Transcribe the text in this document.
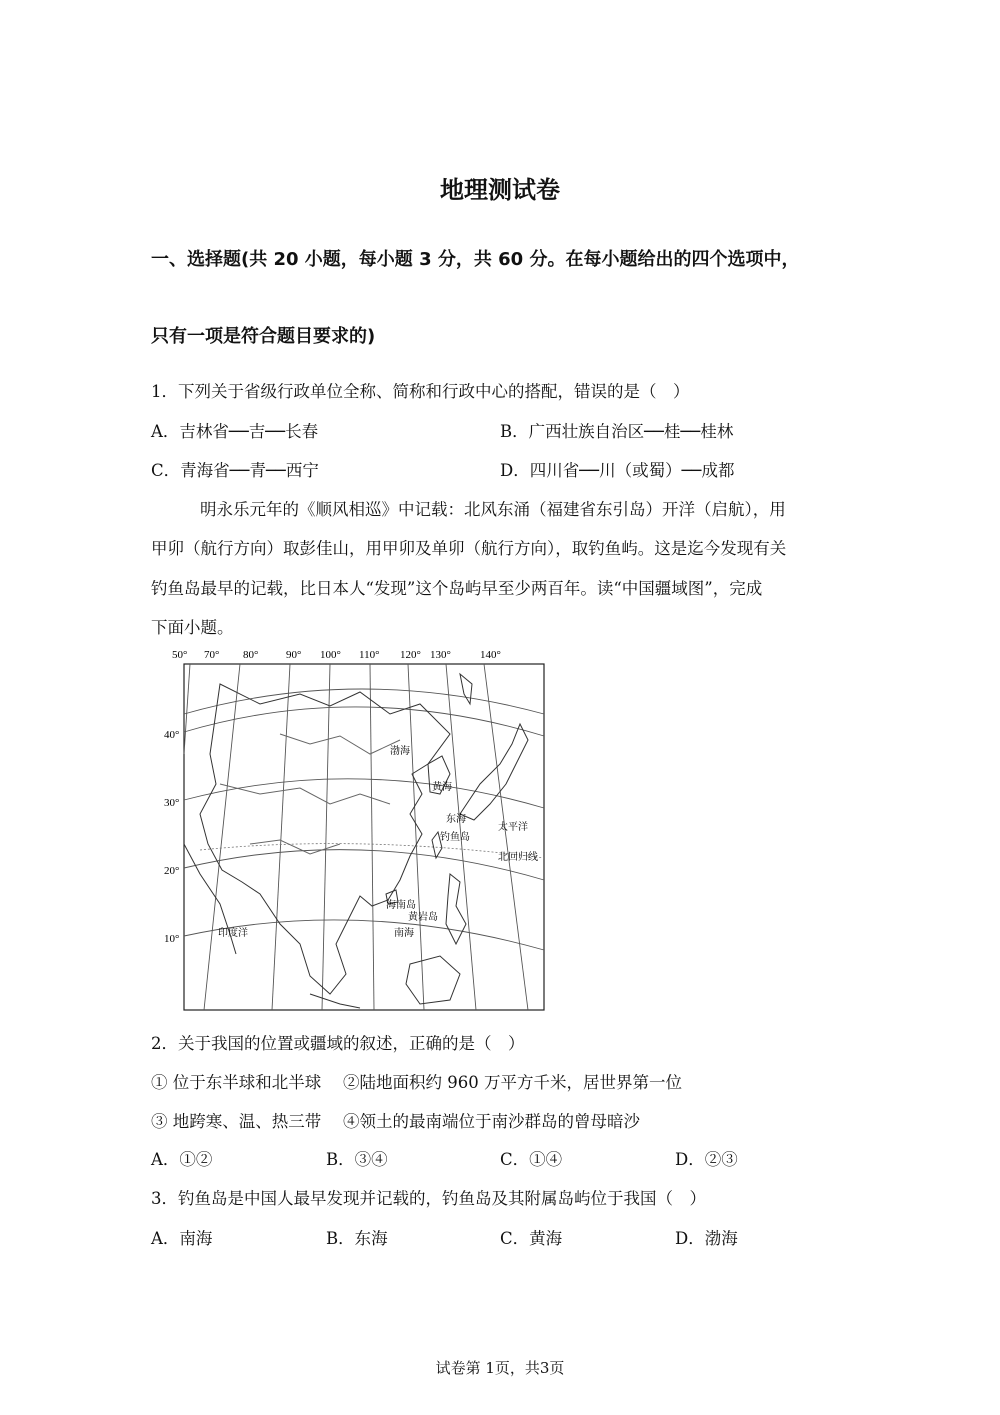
地理测试卷
一、选择题(共 20 小题，每小题 3 分，共 60 分。在每小题给出的四个选项中，
只有一项是符合题目要求的)
1．下列关于省级行政单位全称、简称和行政中心的搭配，错误的是（　）
A．吉林省──吉──长春	B．广西壮族自治区──桂──桂林
C．青海省──青──西宁	D．四川省──川（或蜀）──成都
明永乐元年的《顺风相巡》中记载：北风东涌（福建省东引岛）开洋（启航），用
甲卯（航行方向）取彭佳山，用甲卯及单卯（航行方向），取钓鱼屿。这是迄今发现有关
钓鱼岛最早的记载，比日本人“发现”这个岛屿早至少两百年。读“中国疆域图”，完成
下面小题。
50° 70° 80°	90° 100° 110° 120° 130°	140°
40°
30°
20°
10°
渤海
黄海
东海
钓鱼岛
太平洋
北回归线
海南岛
黄岩岛
南海
印度洋
2．关于我国的位置或疆域的叙述，正确的是（　）
① 位于东半球和北半球　 ②陆地面积约 960 万平方千米，居世界第一位
③ 地跨寒、温、热三带　 ④领土的最南端位于南沙群岛的曾母暗沙
A．①②	B．③④	C．①④	D．②③
3．钓鱼岛是中国人最早发现并记载的，钓鱼岛及其附属岛屿位于我国（　）
A．南海	B．东海	C．黄海	D．渤海
试卷第 1页，共3页
